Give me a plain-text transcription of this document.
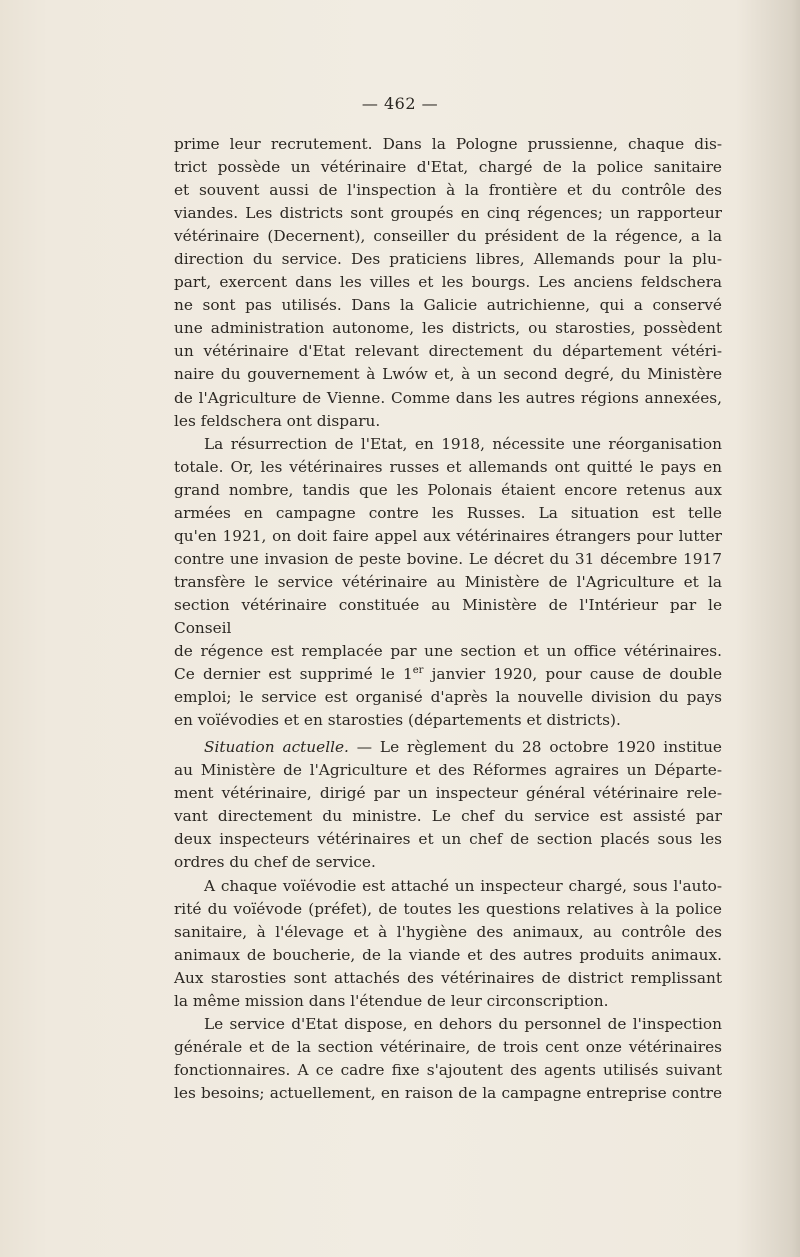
— 462 —

prime leur recrutement. Dans la Pologne prussienne, chaque dis-

trict possède un vétérinaire d'Etat, chargé de la police sanitaire

et souvent aussi de l'inspection à la frontière et du contrôle des

viandes. Les districts sont groupés en cinq régences; un rapporteur

vétérinaire (Decernent), conseiller du président de la régence, a la

direction du service. Des praticiens libres, Allemands pour la plu-

part, exercent dans les villes et les bourgs. Les anciens feldschera

ne sont pas utilisés. Dans la Galicie autrichienne, qui a conservé

une administration autonome, les districts, ou starosties, possèdent

un vétérinaire d'Etat relevant directement du département vétéri-

naire du gouvernement à Lwów et, à un second degré, du Ministère

de l'Agriculture de Vienne. Comme dans les autres régions annexées,

les feldschera ont disparu.

La résurrection de l'Etat, en 1918, nécessite une réorganisation

totale. Or, les vétérinaires russes et allemands ont quitté le pays en

grand nombre, tandis que les Polonais étaient encore retenus aux

armées en campagne contre les Russes. La situation est telle

qu'en 1921, on doit faire appel aux vétérinaires étrangers pour lutter

contre une invasion de peste bovine. Le décret du 31 décembre 1917

transfère le service vétérinaire au Ministère de l'Agriculture et la

section vétérinaire constituée au Ministère de l'Intérieur par le Conseil

de régence est remplacée par une section et un office vétérinaires.

Ce dernier est supprimé le 1er janvier 1920, pour cause de double

emploi; le service est organisé d'après la nouvelle division du pays

en voïévodies et en starosties (départements et districts).

Situation actuelle. — Le règlement du 28 octobre 1920 institue

au Ministère de l'Agriculture et des Réformes agraires un Départe-

ment vétérinaire, dirigé par un inspecteur général vétérinaire rele-

vant directement du ministre. Le chef du service est assisté par

deux inspecteurs vétérinaires et un chef de section placés sous les

ordres du chef de service.

A chaque voïévodie est attaché un inspecteur chargé, sous l'auto-

rité du voïévode (préfet), de toutes les questions relatives à la police

sanitaire, à l'élevage et à l'hygiène des animaux, au contrôle des

animaux de boucherie, de la viande et des autres produits animaux.

Aux starosties sont attachés des vétérinaires de district remplissant

la même mission dans l'étendue de leur circonscription.

Le service d'Etat dispose, en dehors du personnel de l'inspection

générale et de la section vétérinaire, de trois cent onze vétérinaires

fonctionnaires. A ce cadre fixe s'ajoutent des agents utilisés suivant

les besoins; actuellement, en raison de la campagne entreprise contre
